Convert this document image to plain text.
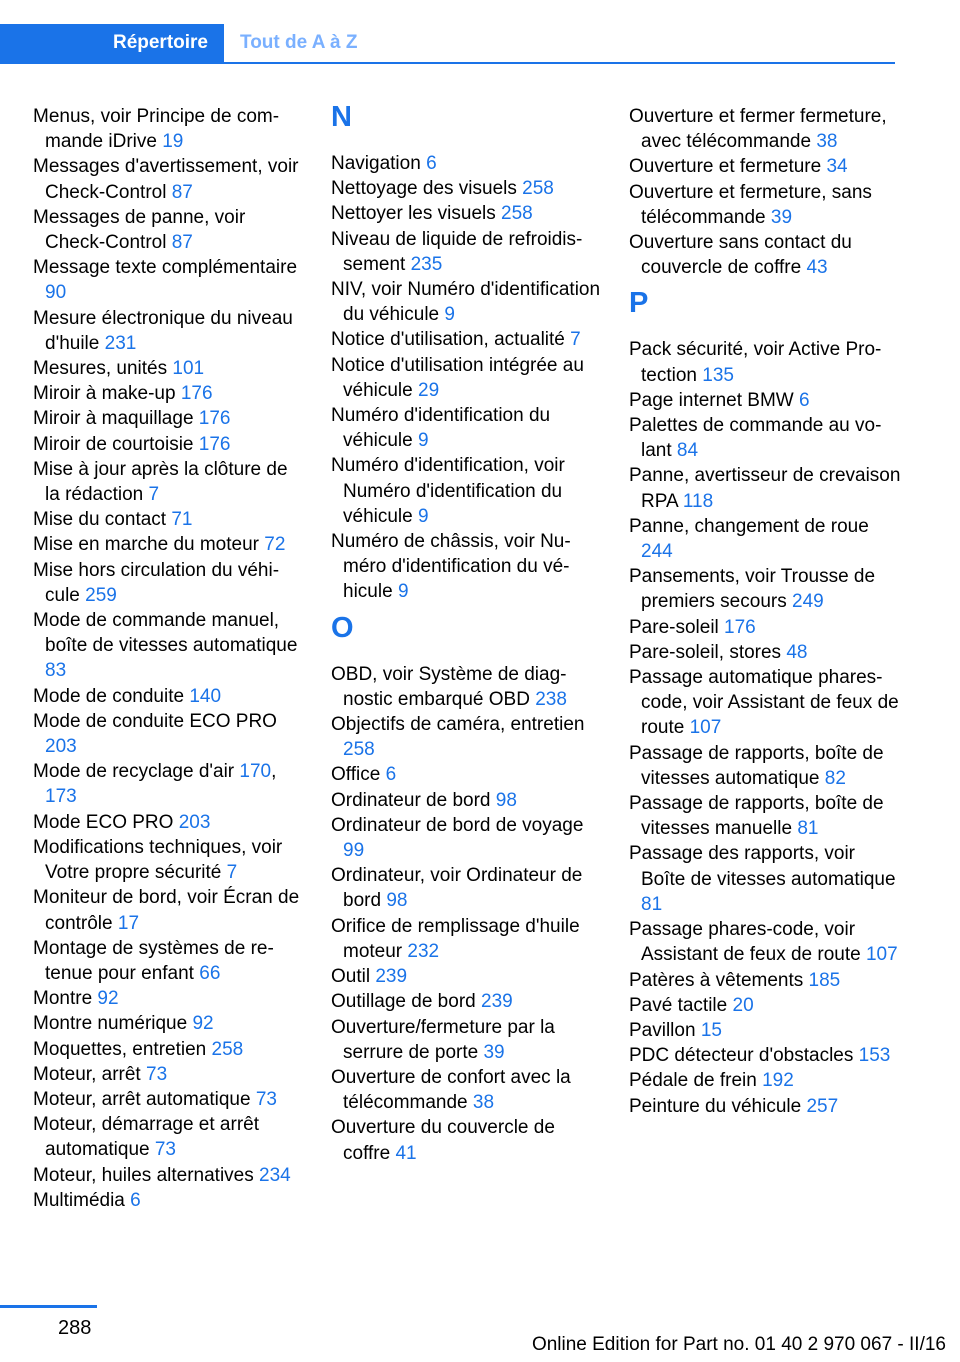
Répertoire	Tout de A à Z
Menus, voir Principe de commande iDrive 19
Messages d'avertissement, voir Check-Control 87
Messages de panne, voir Check-Control 87
Message texte complémentaire 90
Mesure électronique du niveau d'huile 231
Mesures, unités 101
Miroir à make-up 176
Miroir à maquillage 176
Miroir de courtoisie 176
Mise à jour après la clôture de la rédaction 7
Mise du contact 71
Mise en marche du moteur 72
Mise hors circulation du véhicule 259
Mode de commande manuel, boîte de vitesses automatique 83
Mode de conduite 140
Mode de conduite ECO PRO 203
Mode de recyclage d'air 170, 173
Mode ECO PRO 203
Modifications techniques, voir Votre propre sécurité 7
Moniteur de bord, voir Écran de contrôle 17
Montage de systèmes de retenue pour enfant 66
Montre 92
Montre numérique 92
Moquettes, entretien 258
Moteur, arrêt 73
Moteur, arrêt automatique 73
Moteur, démarrage et arrêt automatique 73
Moteur, huiles alternatives 234
Multimédia 6
N
Navigation 6
Nettoyage des visuels 258
Nettoyer les visuels 258
Niveau de liquide de refroidissement 235
NIV, voir Numéro d'identification du véhicule 9
Notice d'utilisation, actualité 7
Notice d'utilisation intégrée au véhicule 29
Numéro d'identification du véhicule 9
Numéro d'identification, voir Numéro d'identification du véhicule 9
Numéro de châssis, voir Numéro d'identification du véhicule 9
O
OBD, voir Système de diagnostic embarqué OBD 238
Objectifs de caméra, entretien 258
Office 6
Ordinateur de bord 98
Ordinateur de bord de voyage 99
Ordinateur, voir Ordinateur de bord 98
Orifice de remplissage d'huile moteur 232
Outil 239
Outillage de bord 239
Ouverture/fermeture par la serrure de porte 39
Ouverture de confort avec la télécommande 38
Ouverture du couvercle de coffre 41
Ouverture et fermer fermeture, avec télécommande 38
Ouverture et fermeture 34
Ouverture et fermeture, sans télécommande 39
Ouverture sans contact du couvercle de coffre 43
P
Pack sécurité, voir Active Protection 135
Page internet BMW 6
Palettes de commande au volant 84
Panne, avertisseur de crevaison RPA 118
Panne, changement de roue 244
Pansements, voir Trousse de premiers secours 249
Pare-soleil 176
Pare-soleil, stores 48
Passage automatique phares-code, voir Assistant de feux de route 107
Passage de rapports, boîte de vitesses automatique 82
Passage de rapports, boîte de vitesses manuelle 81
Passage des rapports, voir Boîte de vitesses automatique 81
Passage phares-code, voir Assistant de feux de route 107
Patères à vêtements 185
Pavé tactile 20
Pavillon 15
PDC détecteur d'obstacles 153
Pédale de frein 192
Peinture du véhicule 257
288
Online Edition for Part no. 01 40 2 970 067 - II/16
